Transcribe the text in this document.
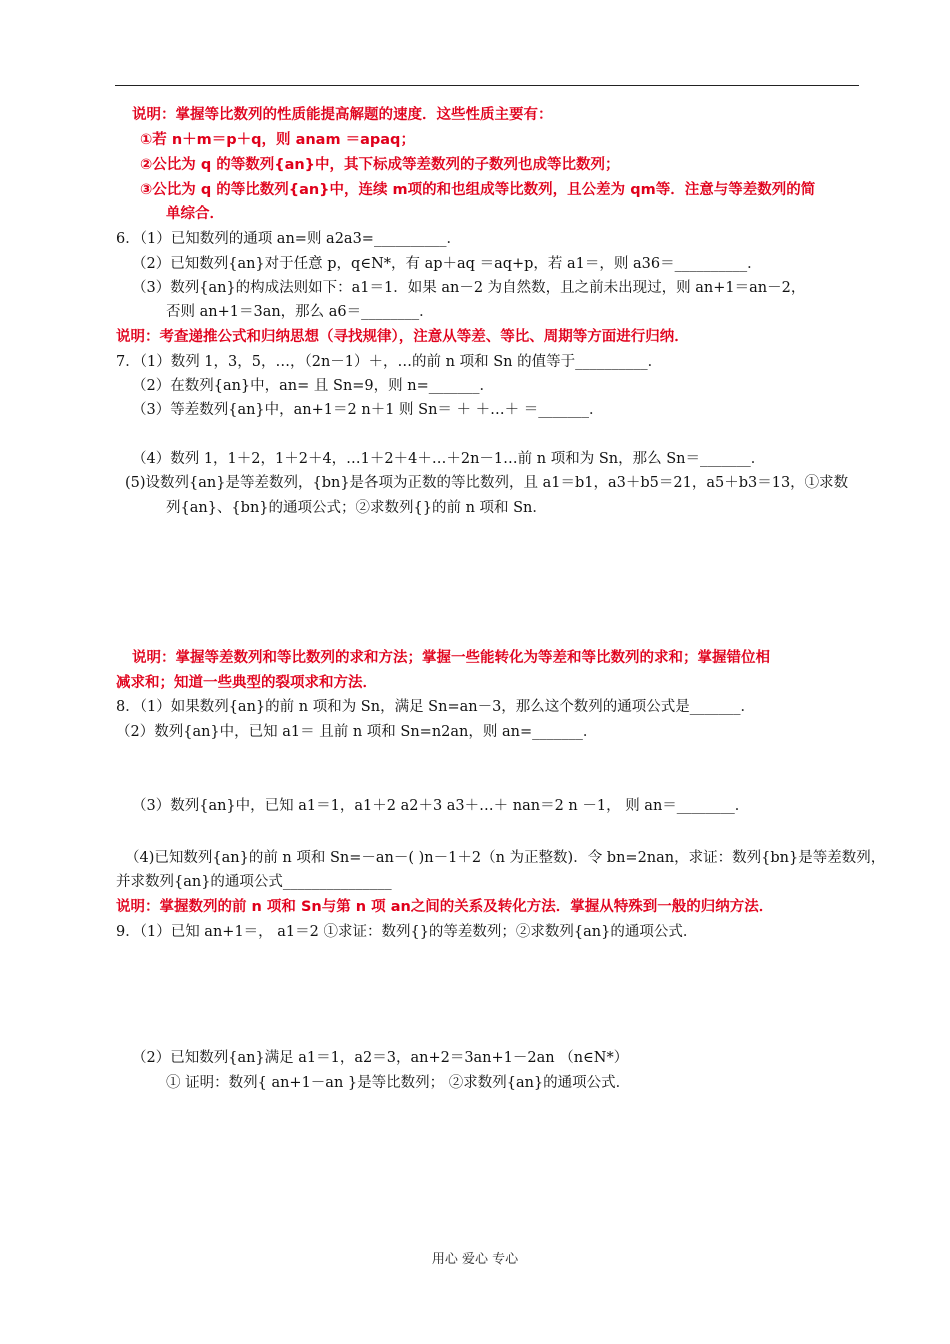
说明：掌握等比数列的性质能提高解题的速度．这些性质主要有：
①若 n＋m＝p＋q，则 anam ＝apaq；
②公比为 q 的等数列{an}中，其下标成等差数列的子数列也成等比数列；
③公比为 q 的等比数列{an}中，连续 m项的和也组成等比数列，且公差为 qm等．注意与等差数列的简
单综合．
6．（1）已知数列的通项 an=则 a2a3=__________．
（2）已知数列{an}对于任意 p，q∈N*，有 ap＋aq ＝aq+p，若 a1＝，则 a36＝__________．
（3）数列{an}的构成法则如下：a1＝1．如果 an－2 为自然数，且之前未出现过，则 an+1＝an－2，
否则 an+1＝3an，那么 a6＝________．
说明：考查递推公式和归纳思想（寻找规律），注意从等差、等比、周期等方面进行归纳．
7．（1）数列 1，3，5，…，（2n－1）＋，…的前 n 项和 Sn 的值等于__________．
（2）在数列{an}中，an= 且 Sn=9，则 n=_______．
（3）等差数列{an}中，an+1＝2 n＋1 则 Sn＝ ＋ ＋…＋ ＝_______．
（4）数列 1，1＋2，1＋2＋4，…1＋2＋4＋…＋2n－1…前 n 项和为 Sn，那么 Sn＝_______．
(5)设数列{an}是等差数列，{bn}是各项为正数的等比数列，且 a1＝b1，a3＋b5＝21，a5＋b3＝13，①求数
列{an}、{bn}的通项公式；②求数列{}的前 n 项和 Sn．
说明：掌握等差数列和等比数列的求和方法；掌握一些能转化为等差和等比数列的求和；掌握错位相
减求和；知道一些典型的裂项求和方法．
8．（1）如果数列{an}的前 n 项和为 Sn，满足 Sn=an－3，那么这个数列的通项公式是_______．
（2）数列{an}中，已知 a1＝ 且前 n 项和 Sn=n2an，则 an=_______．
（3）数列{an}中，已知 a1＝1，a1＋2 a2＋3 a3＋…＋ nan＝2 n －1， 则 an＝________．
（4)已知数列{an}的前 n 项和 Sn=－an－( )n－1＋2（n 为正整数)．令 bn=2nan，求证：数列{bn}是等差数列，
并求数列{an}的通项公式_______________
说明：掌握数列的前 n 项和 Sn与第 n 项 an之间的关系及转化方法．掌握从特殊到一般的归纳方法．
9．（1）已知 an+1＝， a1＝2 ①求证：数列{}的等差数列；②求数列{an}的通项公式．
（2）已知数列{an}满足 a1＝1，a2＝3，an+2＝3an+1－2an （n∈N*）
① 证明：数列{ an+1－an }是等比数列； ②求数列{an}的通项公式．
用心 爱心 专心
